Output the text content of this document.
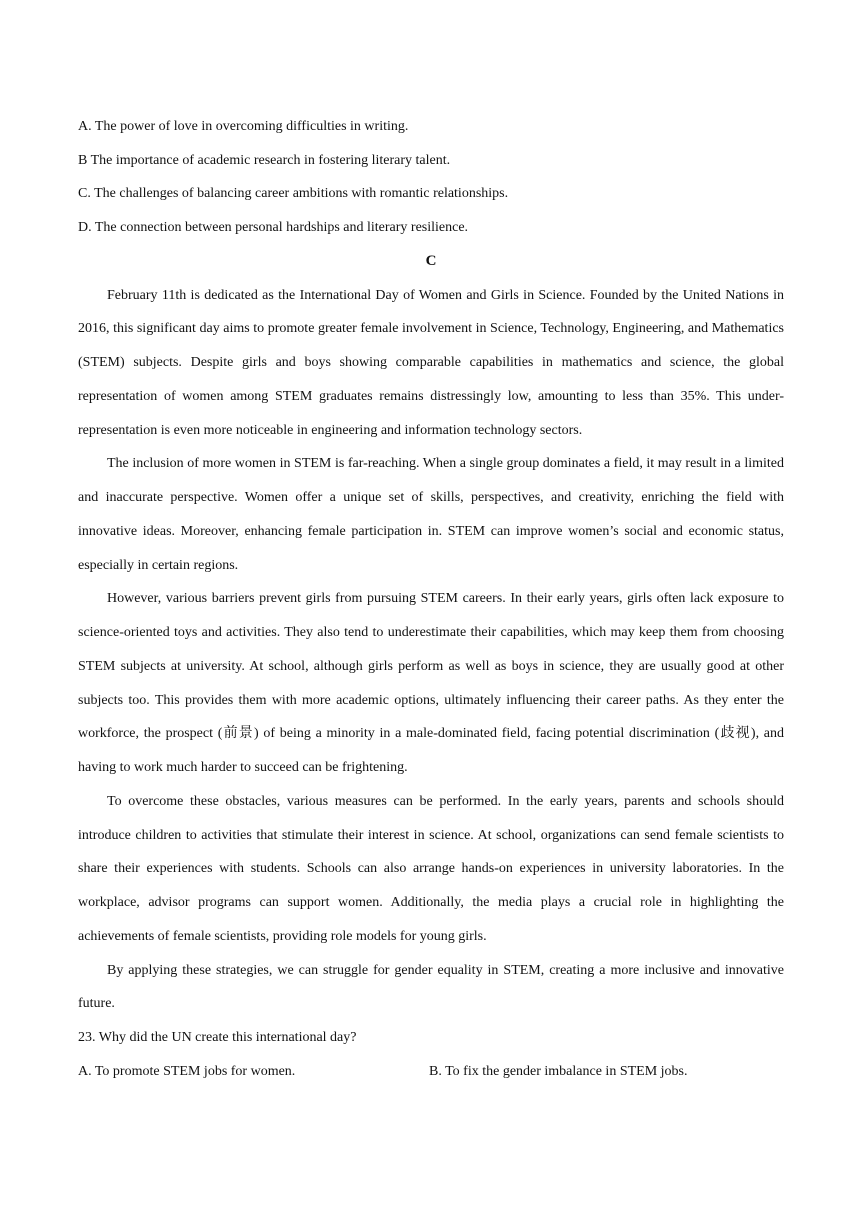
A. The power of love in overcoming difficulties in writing.

B The importance of academic research in fostering literary talent.

C. The challenges of balancing career ambitions with romantic relationships.

D. The connection between personal hardships and literary resilience.

C

February 11th is dedicated as the International Day of Women and Girls in Science. Founded by the United Nations in 2016, this significant day aims to promote greater female involvement in Science, Technology, Engineering, and Mathematics (STEM) subjects. Despite girls and boys showing comparable capabilities in mathematics and science, the global representation of women among STEM graduates remains distressingly low, amounting to less than 35%. This under-representation is even more noticeable in engineering and information technology sectors.

The inclusion of more women in STEM is far-reaching. When a single group dominates a field, it may result in a limited and inaccurate perspective. Women offer a unique set of skills, perspectives, and creativity, enriching the field with innovative ideas. Moreover, enhancing female participation in. STEM can improve women’s social and economic status, especially in certain regions.

However, various barriers prevent girls from pursuing STEM careers. In their early years, girls often lack exposure to science-oriented toys and activities. They also tend to underestimate their capabilities, which may keep them from choosing STEM subjects at university. At school, although girls perform as well as boys in science, they are usually good at other subjects too. This provides them with more academic options, ultimately influencing their career paths. As they enter the workforce, the prospect (前景) of being a minority in a male-dominated field, facing potential discrimination (歧视), and having to work much harder to succeed can be frightening.

To overcome these obstacles, various measures can be performed. In the early years, parents and schools should introduce children to activities that stimulate their interest in science. At school, organizations can send female scientists to share their experiences with students. Schools can also arrange hands-on experiences in university laboratories. In the workplace, advisor programs can support women. Additionally, the media plays a crucial role in highlighting the achievements of female scientists, providing role models for young girls.

By applying these strategies, we can struggle for gender equality in STEM, creating a more inclusive and innovative future.

23. Why did the UN create this international day?

A. To promote STEM jobs for women.	B. To fix the gender imbalance in STEM jobs.
